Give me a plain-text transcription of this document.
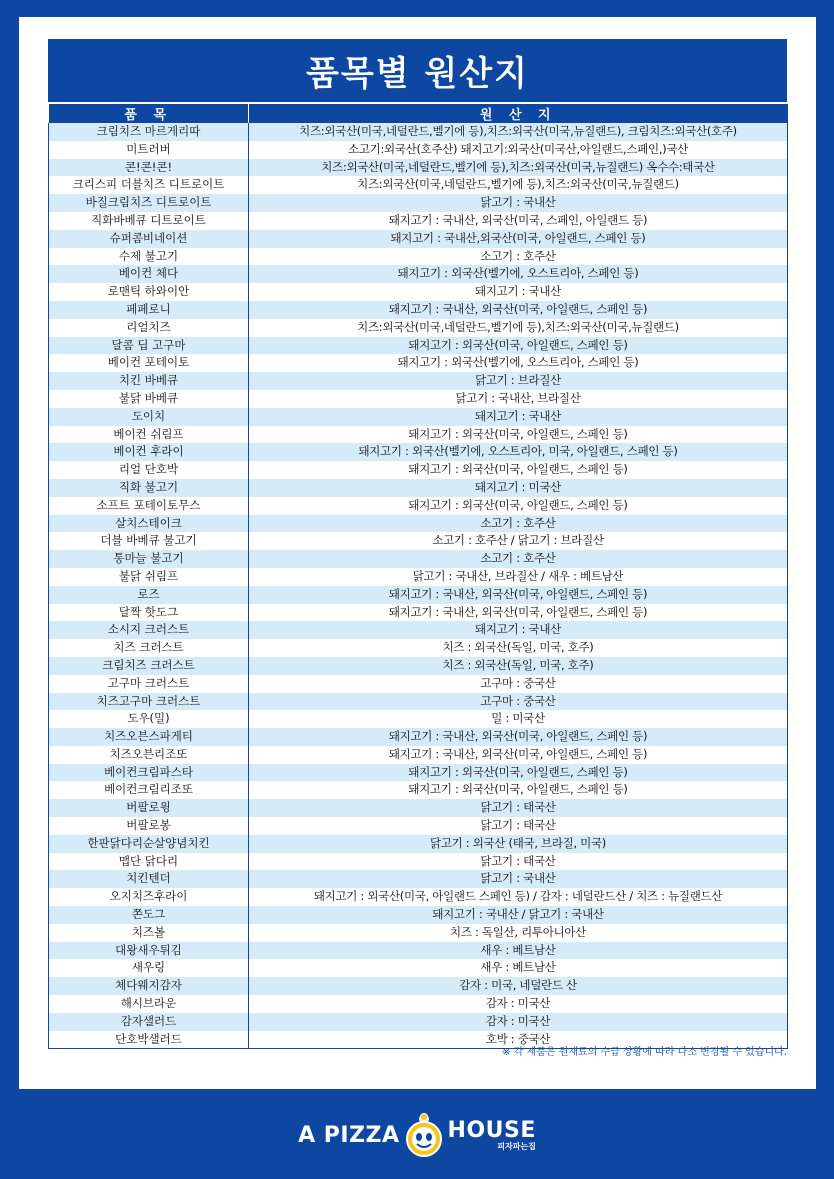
품목별 원산지
품 목	원 산 지
크림치즈 마르게리따	치즈:외국산(미국,네덜란드,벨기에 등),치즈:외국산(미국,뉴질랜드), 크림치즈:외국산(호주)
미트러버	소고기:외국산(호주산) 돼지고기:외국산(미국산,아일랜드,스페인,)국산
콘!콘!콘!	치즈:외국산(미국,네덜란드,벨기에 등),치즈:외국산(미국,뉴질랜드) 옥수수:태국산
크리스피 더블치즈 디트로이트	치즈:외국산(미국,네덜란드,벨기에 등),치즈:외국산(미국,뉴질랜드)
바질크림치즈 디트로이트	닭고기 : 국내산
직화바베큐 디트로이트	돼지고기 : 국내산, 외국산(미국, 스페인, 아일랜드 등)
슈퍼콤비네이션	돼지고기 : 국내산,외국산(미국, 아일랜드, 스페인 등)
수제 불고기	소고기 : 호주산
베이컨 체다	돼지고기 : 외국산(벨기에, 오스트리아, 스페인 등)
로맨틱 하와이안	돼지고기 : 국내산
페페로니	돼지고기 : 국내산, 외국산(미국, 아일랜드, 스페인 등)
리얼치즈	치즈:외국산(미국,네덜란드,벨기에 등),치즈:외국산(미국,뉴질랜드)
달콤 딥 고구마	돼지고기 : 외국산(미국, 아일랜드, 스페인 등)
베이컨 포테이토	돼지고기 : 외국산(벨기에, 오스트리아, 스페인 등)
치킨 바베큐	닭고기 : 브라질산
불닭 바베큐	닭고기 : 국내산, 브라질산
도이치	돼지고기 : 국내산
베이컨 쉬림프	돼지고기 : 외국산(미국, 아일랜드, 스페인 등)
베이컨 후라이	돼지고기 : 외국산(벨기에, 오스트리아, 미국, 아일랜드, 스페인 등)
리얼 단호박	돼지고기 : 외국산(미국, 아일랜드, 스페인 등)
직화 불고기	돼지고기 : 미국산
소프트 포테이토무스	돼지고기 : 외국산(미국, 아일랜드, 스페인 등)
살치스테이크	소고기 : 호주산
더블 바베큐 불고기	소고기 : 호주산 / 닭고기 : 브라질산
통마늘 불고기	소고기 : 호주산
불닭 쉬림프	닭고기 : 국내산, 브라질산 / 새우 : 베트남산
로즈	돼지고기 : 국내산, 외국산(미국, 아일랜드, 스페인 등)
달짝 핫도그	돼지고기 : 국내산, 외국산(미국, 아일랜드, 스페인 등)
소시지 크러스트	돼지고기 : 국내산
치즈 크러스트	치즈 : 외국산(독일, 미국, 호주)
크림치즈 크러스트	치즈 : 외국산(독일, 미국, 호주)
고구마 크러스트	고구마 : 중국산
치즈고구마 크러스트	고구마 : 중국산
도우(밀)	밀 : 미국산
치즈오븐스파게티	돼지고기 : 국내산, 외국산(미국, 아일랜드, 스페인 등)
치즈오븐리조또	돼지고기 : 국내산, 외국산(미국, 아일랜드, 스페인 등)
베이컨크림파스타	돼지고기 : 외국산(미국, 아일랜드, 스페인 등)
베이컨크림리조또	돼지고기 : 외국산(미국, 아일랜드, 스페인 등)
버팔로윙	닭고기 : 태국산
버팔로봉	닭고기 : 태국산
한판닭다리순살양념치킨	닭고기 : 외국산 (태국, 브라질, 미국)
맵단 닭다리	닭고기 : 태국산
치킨텐더	닭고기 : 국내산
오지치즈후라이	돼지고기 : 외국산(미국, 아일랜드 스페인 등) / 감자 : 네덜란드산 / 치즈 : 뉴질랜드산
쫀도그	돼지고기 : 국내산 / 닭고기 : 국내산
치즈볼	치즈 : 독일산, 리투아니아산
대왕새우튀김	새우 : 베트남산
새우링	새우 : 베트남산
체다웨지감자	감자 : 미국, 네덜란드 산
해시브라운	감자 : 미국산
감자샐러드	감자 : 미국산
단호박샐러드	호박 : 중국산
※ 각 제품은 원재료의 수급 상황에 따라 다소 변경될 수 있습니다.
A PIZZA HOUSE
피자파는집
